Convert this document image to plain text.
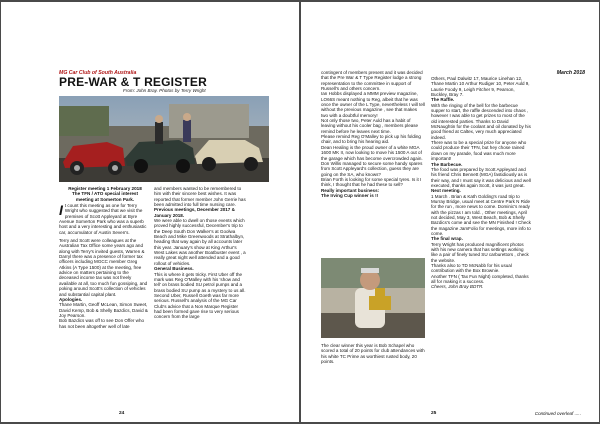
MG Car Club of South Australia
PRE-WAR & T REGISTER
From: John Bray. Photos by Terry Wright
Register meeting 1 February 2018
The TFN / ATO special interest
meeting at Somerton Park.

It count this meeting as one for Terry Wright who suggested that we visit the premises of Scott Appleyard at Byre Avenue Somerton Park who was a superb host and a very interesting and enthusiastic car, accumulator of Austin Seven's.

Terry and Scott were colleagues at the Australian Tax Office some years ago and along with Terry's invited guests, Warren & Darryl there was a presence of former tax officers including MGCC member Greg Atkins (A Type 1500) at the meeting, free advice on matters pertaining to the deceased income tax was not freely available at all, too much fun gossiping, and poking around Scott's collection of vehicles and substantial capital plant.

Apologies.

Thane Martin, Geoff McLean, Simon Sweet, David Kemp, Bob & Shelly Bazdics, David & Joy Pearson.

Bob Bazdics was off to see Don Offer who has not been altogether well of late

and members wanted to be remembered to him with their sincere best wishes. It was reported that former member John Gerrie has been admitted into full time nursing care.

Previous meetings, December 2017 & January 2018.

We were able to dwell on those events which proved highly successful, December's trip to the Deep South Don Walker's at Goolwa Beach and Mike Greenwoods at Strathalbyn, heading that way again by all accounts later this year. January's show at King Arthur's West Lakes was another Boatbuster event , a really great night well attended and a good rollout of vehicles.

General Business.

This is where it gets tricky. First Uber off the mark was Reg O'Malley with his 'show and tell' on brass bodied SU petrol pumps and a brass bodied SU pump as a mystery to us all.

Second Uber, Russell Goeth was far more serious. Russell's analysis of the MG Car Club's advice that a Non Marque Register had been formed gave rise to very serious concern from the large

24
March 2018

contingent of members present and it was decided that the Pre War & T Type Register lodge a strong representation to the committee in support of Russell's and others concern.

Ian Hobbs displayed a MMM preview magazine, LO66S meant nothing to Reg, albeit that he was once the owner of the L Type, nevertheless I will tell without the previous magazine , see that makes two with a doubtful memory!

Not only those two, Peter Auld has a habit of leaving without his cooler bag , members please remind before he leaves next time.

Please remind Reg O'Malley to pick up his folding chair, and to bring his hearing aid.

Dean Healing is the proud owner of a white MGA 1600 MK II, now looking to move his 1500 A out of the garage which has become overcrowded again.

Don Willis managed to secure some handy spares from Scott Appleyard's collection, guess they are going on the SA, who knows?

Brian Forth is looking for some special tyres. Is it I think, I thought that he had these to sell?

Really important business:

The Irving Cup winner is !!

The clear winner this year is Bob Schapel who scored a total of 20 points for club attendances with his white TC Prime as worthiest rusted body, 20 points.

Others, Paul Dalwitz 17, Maurice Linehan 12, Thane Martin 10 Arthur Rudiger 10, Peter Auld 9, Laurie Foody 9, Leigh Fitcher 9, Pearson, Buckley, Bray 7.

The Raffle.

With the ringing of the bell for the barbecue supper to start, the raffle descended into chaos , however I was able to get prizes to most of the old interested parties. Thanks to David McNaughtin for the coolant and oil donated by his good friend at Caltex, very much appreciated indeed.

There was to be a special prize for anyone who could produce their TFN, but hey chose rained down on my parade, food was much more important!

The Barbecue.

The food was prepared by Scott Appleyard and his friend Chris Bennett (MGA) fastidiously as is their way, and I must say it was delicious and well executed, thanks again Scott, it was just great.

Next meeting.

1 March . Brian & Kath Golding's road trip to Murray Bridge, usual meet at Centre Park N Ride for the run , more news to come. Dominic's ready with the pizzas I am told. , Other meetings, April not decided, May 3, West Beach, Bob & Shelly Bazdics's come and see the MN Finished ! Check the magazine JamFolio for meetings, more info to come.

The final wrap.

Terry Wright has produced magnificent photos with his new camera that has settings working like a pair of finely tuned SU carburettors , check the website.

Thanks also to TD McNabb for his usual contribution with the Box Brownie.

Another TFN ( Tax Fun Night) completed, thanks all for making it a success.

Cheers, John Bray BDTR.

25	Continued overleaf .....
